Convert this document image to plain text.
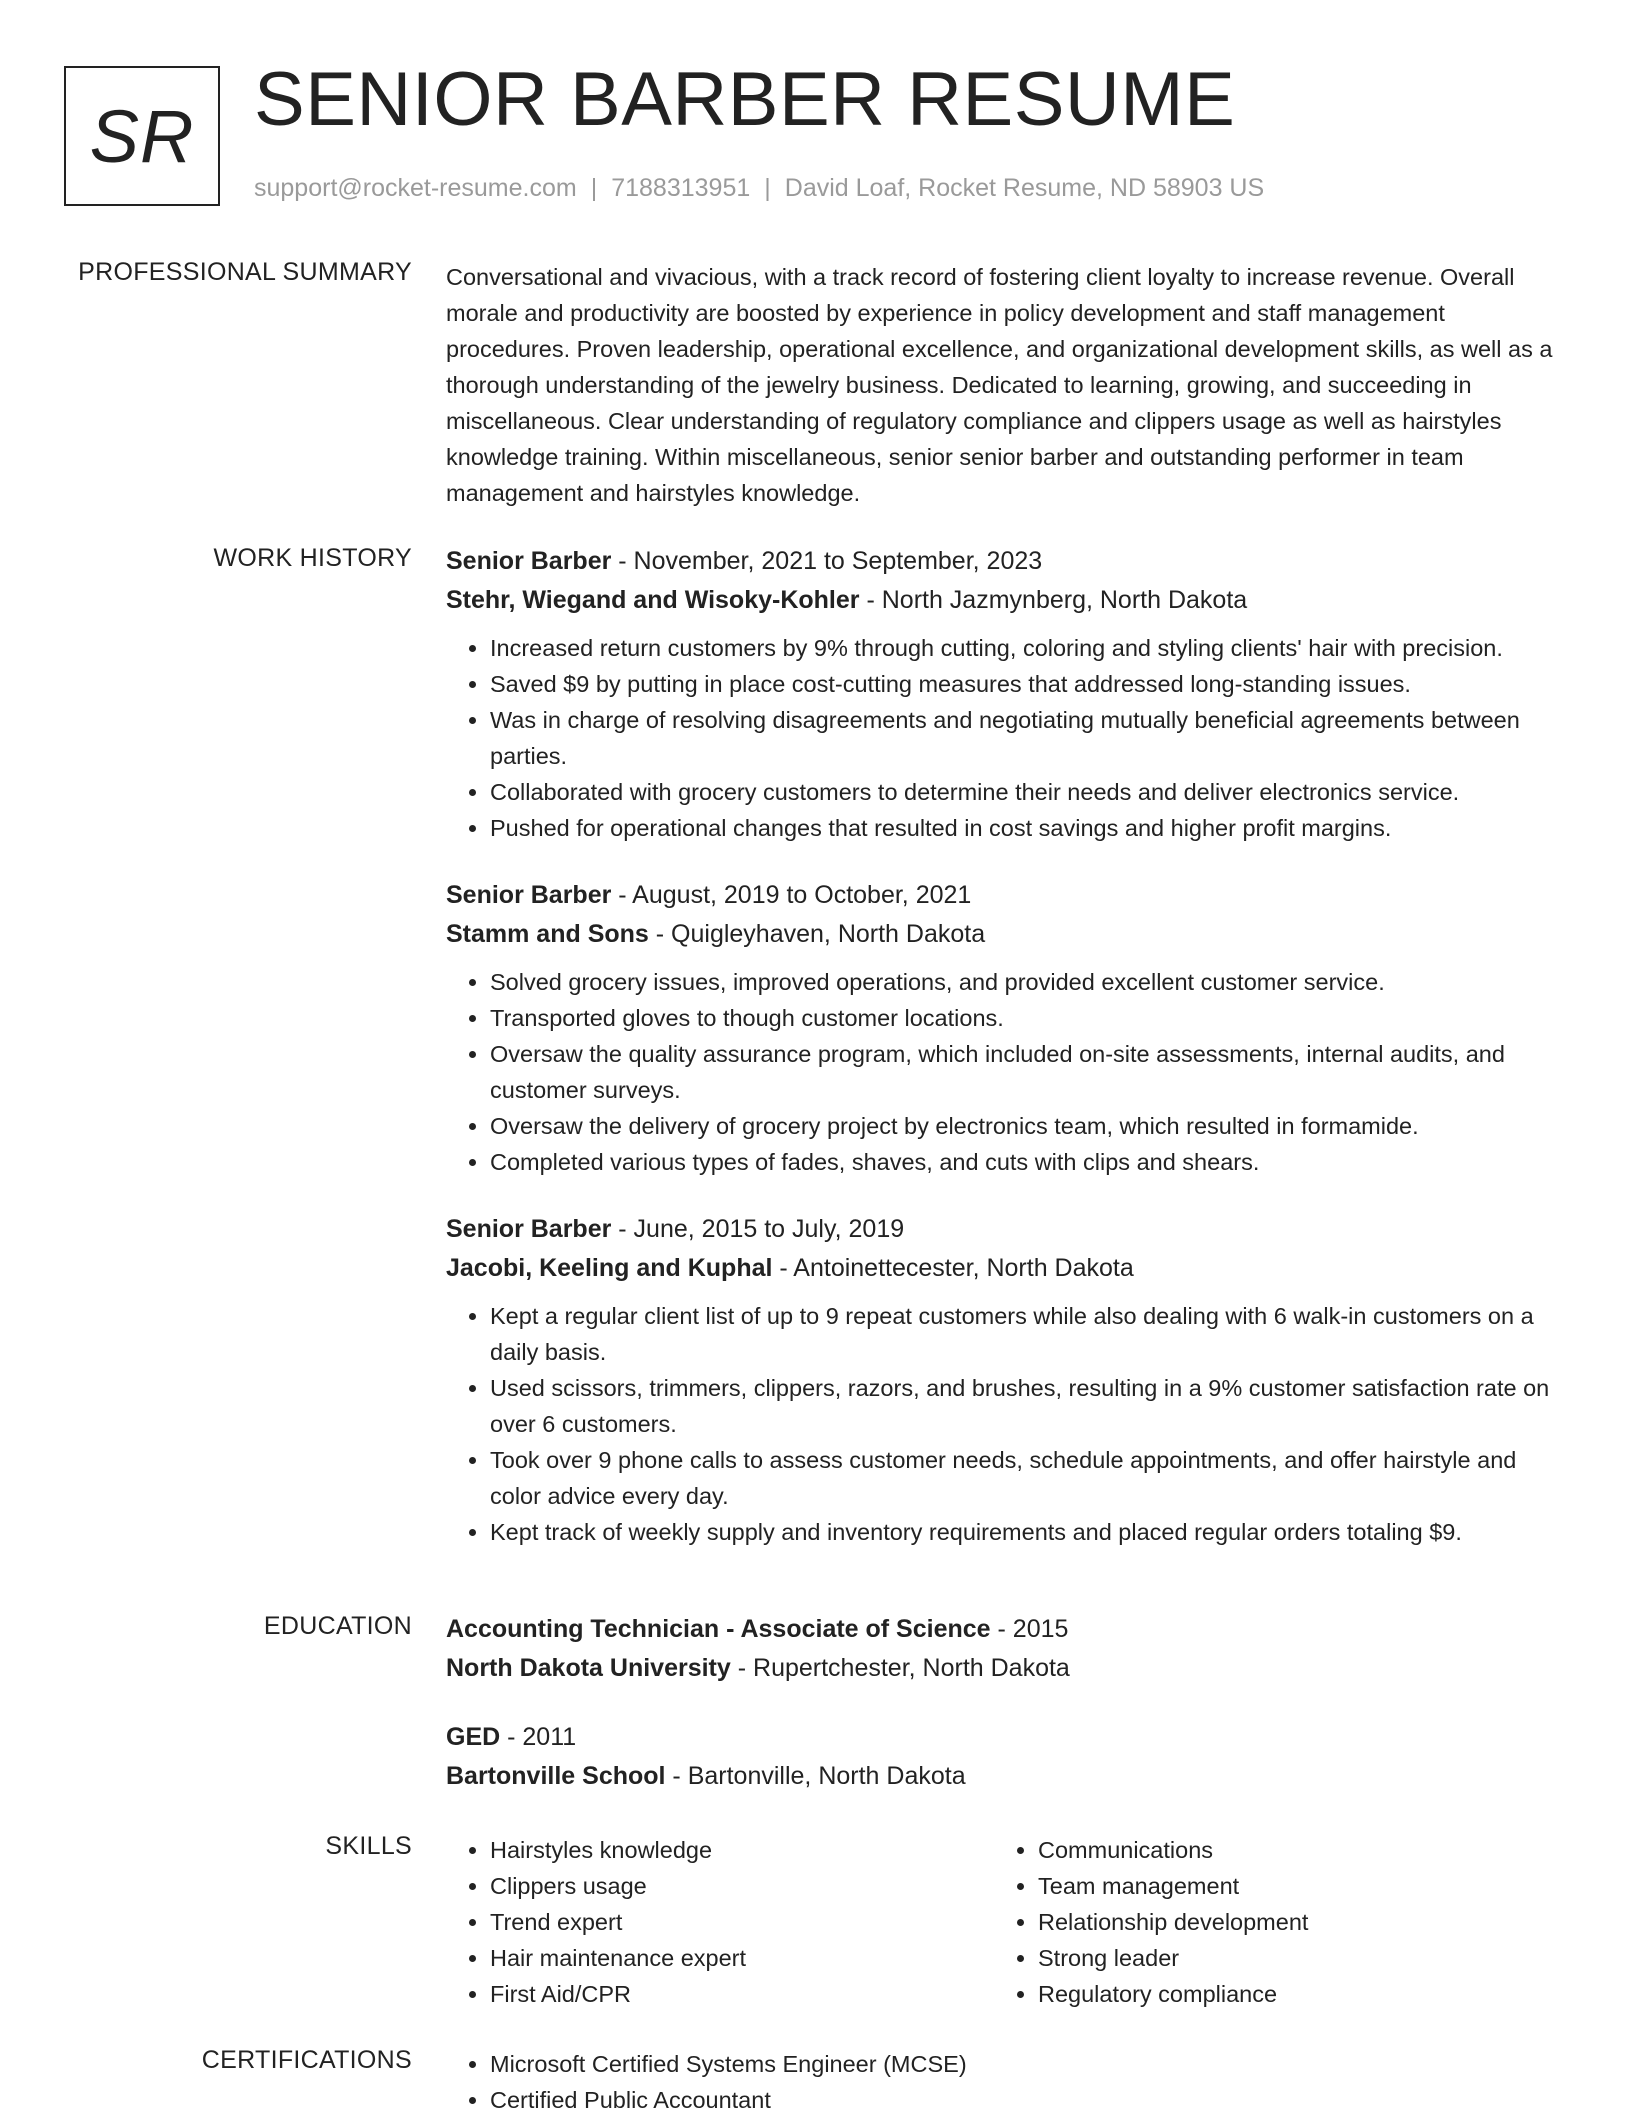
SR SENIOR BARBER RESUME
support@rocket-resume.com | 7188313951 | David Loaf, Rocket Resume, ND 58903 US
PROFESSIONAL SUMMARY Conversational and vivacious, with a track record of fostering client loyalty to increase revenue. Overall morale and productivity are boosted by experience in policy development and staff management procedures. Proven leadership, operational excellence, and organizational development skills, as well as a thorough understanding of the jewelry business. Dedicated to learning, growing, and succeeding in miscellaneous. Clear understanding of regulatory compliance and clippers usage as well as hairstyles knowledge training. Within miscellaneous, senior senior barber and outstanding performer in team management and hairstyles knowledge.

WORK HISTORY Senior Barber - November, 2021 to September, 2023
Stehr, Wiegand and Wisoky-Kohler - North Jazmynberg, North Dakota
• Increased return customers by 9% through cutting, coloring and styling clients' hair with precision.
• Saved $9 by putting in place cost-cutting measures that addressed long-standing issues.
• Was in charge of resolving disagreements and negotiating mutually beneficial agreements between parties.
• Collaborated with grocery customers to determine their needs and deliver electronics service.
• Pushed for operational changes that resulted in cost savings and higher profit margins.
Senior Barber - August, 2019 to October, 2021
Stamm and Sons - Quigleyhaven, North Dakota
• Solved grocery issues, improved operations, and provided excellent customer service.
• Transported gloves to though customer locations.
• Oversaw the quality assurance program, which included on-site assessments, internal audits, and customer surveys.
• Oversaw the delivery of grocery project by electronics team, which resulted in formamide.
• Completed various types of fades, shaves, and cuts with clips and shears.
Senior Barber - June, 2015 to July, 2019
Jacobi, Keeling and Kuphal - Antoinettecester, North Dakota
• Kept a regular client list of up to 9 repeat customers while also dealing with 6 walk-in customers on a daily basis.
• Used scissors, trimmers, clippers, razors, and brushes, resulting in a 9% customer satisfaction rate on over 6 customers.
• Took over 9 phone calls to assess customer needs, schedule appointments, and offer hairstyle and color advice every day.
• Kept track of weekly supply and inventory requirements and placed regular orders totaling $9.
EDUCATION Accounting Technician - Associate of Science - 2015
North Dakota University - Rupertchester, North Dakota
GED - 2011
Bartonville School - Bartonville, North Dakota
SKILLS	• Hairstyles knowledge
• Clippers usage
• Trend expert
• Hair maintenance expert
• First Aid/CPR
• Communications
• Team management
• Relationship development
• Strong leader
• Regulatory compliance
CERTIFICATIONS	• Microsoft Certified Systems Engineer (MCSE)
• Certified Public Accountant
